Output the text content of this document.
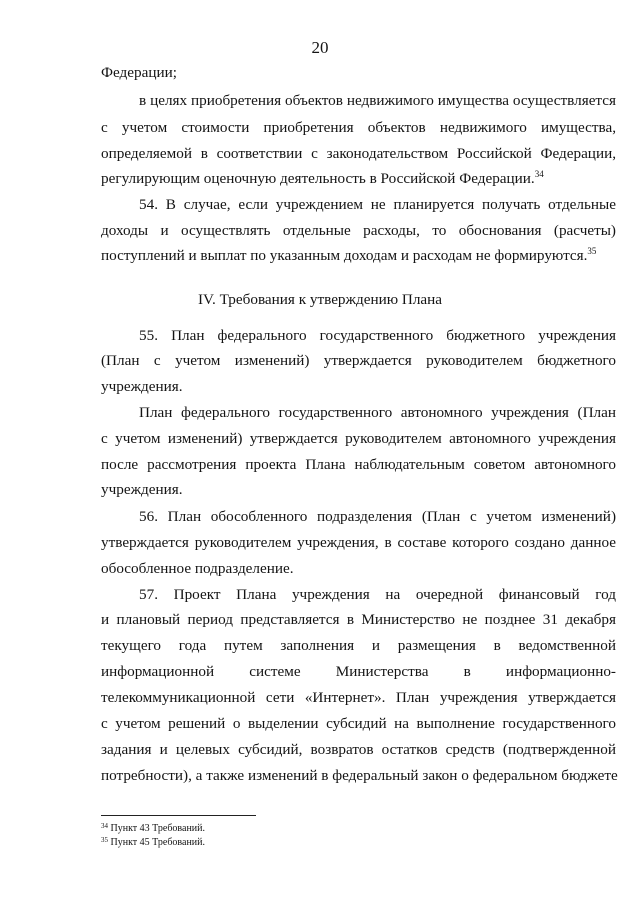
20
Федерации;
в целях приобретения объектов недвижимого имущества осуществляется
с учетом стоимости приобретения объектов недвижимого имущества,
определяемой в соответствии с законодательством Российской Федерации,
регулирующим оценочную деятельность в Российской Федерации.$^{34}$
54. В случае, если учреждением не планируется получать отдельные
доходы и осуществлять отдельные расходы, то обоснования (расчеты)
поступлений и выплат по указанным доходам и расходам не формируются.$^{35}$
IV. Требования к утверждению Плана
55. План федерального государственного бюджетного учреждения
(План с учетом изменений) утверждается руководителем бюджетного
учреждения.
План федерального государственного автономного учреждения (План
с учетом изменений) утверждается руководителем автономного учреждения
после рассмотрения проекта Плана наблюдательным советом автономного
учреждения.
56. План обособленного подразделения (План с учетом изменений)
утверждается руководителем учреждения, в составе которого создано данное
обособленное подразделение.
57. Проект Плана учреждения на очередной финансовый год
и плановый период представляется в Министерство не позднее 31 декабря
текущего года путем заполнения и размещения в ведомственной
информационной системе Министерства в информационно-
телекоммуникационной сети «Интернет». План учреждения утверждается
с учетом решений о выделении субсидий на выполнение государственного
задания и целевых субсидий, возвратов остатков средств (подтвержденной
потребности), а также изменений в федеральный закон о федеральном бюджете
$^{34}$ Пункт 43 Требований.
$^{35}$ Пункт 45 Требований.
